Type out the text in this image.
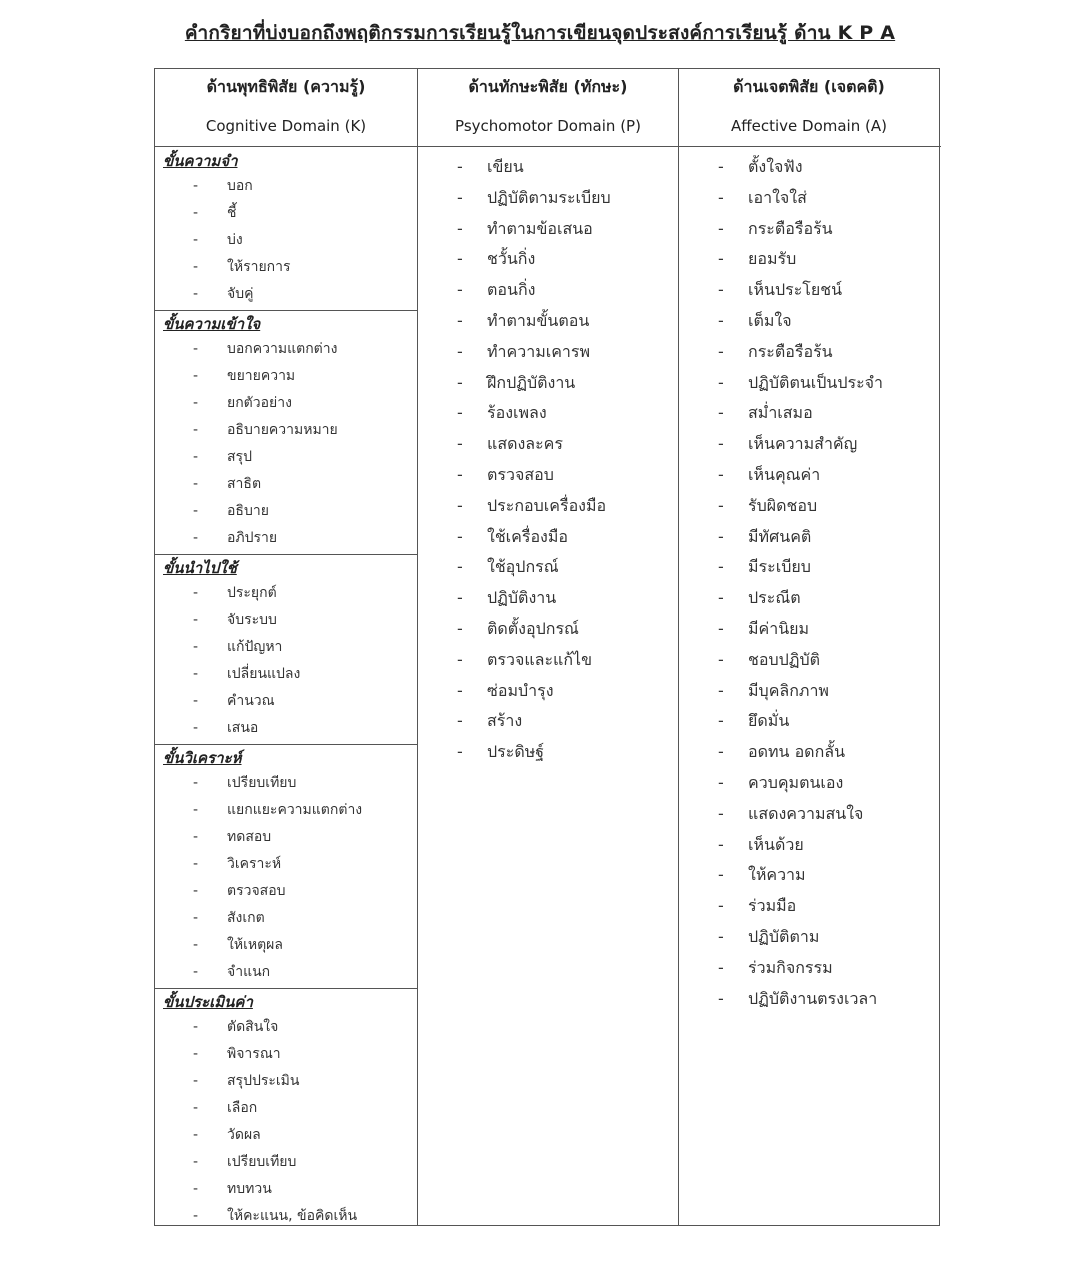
คำกริยาที่บ่งบอกถึงพฤติกรรมการเรียนรู้ในการเขียนจุดประสงค์การเรียนรู้ ด้าน K P A
ด้านพุทธิพิสัย (ความรู้)
Cognitive Domain (K)
ด้านทักษะพิสัย (ทักษะ)
Psychomotor Domain (P)
ด้านเจตพิสัย (เจตคติ)
Affective Domain (A)
ขั้นความจำ
- บอก
- ชี้
- บ่ง
- ให้รายการ
- จับคู่
ขั้นความเข้าใจ
- บอกความแตกต่าง
- ขยายความ
- ยกตัวอย่าง
- อธิบายความหมาย
- สรุป
- สาธิต
- อธิบาย
- อภิปราย
ขั้นนำไปใช้
- ประยุกต์
- จับระบบ
- แก้ปัญหา
- เปลี่ยนแปลง
- คำนวณ
- เสนอ
ขั้นวิเคราะห์
- เปรียบเทียบ
- แยกแยะความแตกต่าง
- ทดสอบ
- วิเคราะห์
- ตรวจสอบ
- สังเกต
- ให้เหตุผล
- จำแนก
ขั้นประเมินค่า
- ตัดสินใจ
- พิจารณา
- สรุปประเมิน
- เลือก
- วัดผล
- เปรียบเทียบ
- ทบทวน
- ให้คะแนน, ข้อคิดเห็น
- เขียน
- ปฏิบัติตามระเบียบ
- ทำตามข้อเสนอ
- ชวั้นกิ่ง
- ตอนกิ่ง
- ทำตามขั้นตอน
- ทำความเคารพ
- ฝึกปฏิบัติงาน
- ร้องเพลง
- แสดงละคร
- ตรวจสอบ
- ประกอบเครื่องมือ
- ใช้เครื่องมือ
- ใช้อุปกรณ์
- ปฏิบัติงาน
- ติดตั้งอุปกรณ์
- ตรวจและแก้ไข
- ซ่อมบำรุง
- สร้าง
- ประดิษฐ์
- ตั้งใจฟัง
- เอาใจใส่
- กระตือรือร้น
- ยอมรับ
- เห็นประโยชน์
- เต็มใจ
- กระตือรือร้น
- ปฏิบัติตนเป็นประจำ
- สม่ำเสมอ
- เห็นความสำคัญ
- เห็นคุณค่า
- รับผิดชอบ
- มีทัศนคติ
- มีระเบียบ
- ประณีต
- มีค่านิยม
- ชอบปฏิบัติ
- มีบุคลิกภาพ
- ยึดมั่น
- อดทน อดกลั้น
- ควบคุมตนเอง
- แสดงความสนใจ
- เห็นด้วย
- ให้ความ
- ร่วมมือ
- ปฏิบัติตาม
- ร่วมกิจกรรม
- ปฏิบัติงานตรงเวลา
